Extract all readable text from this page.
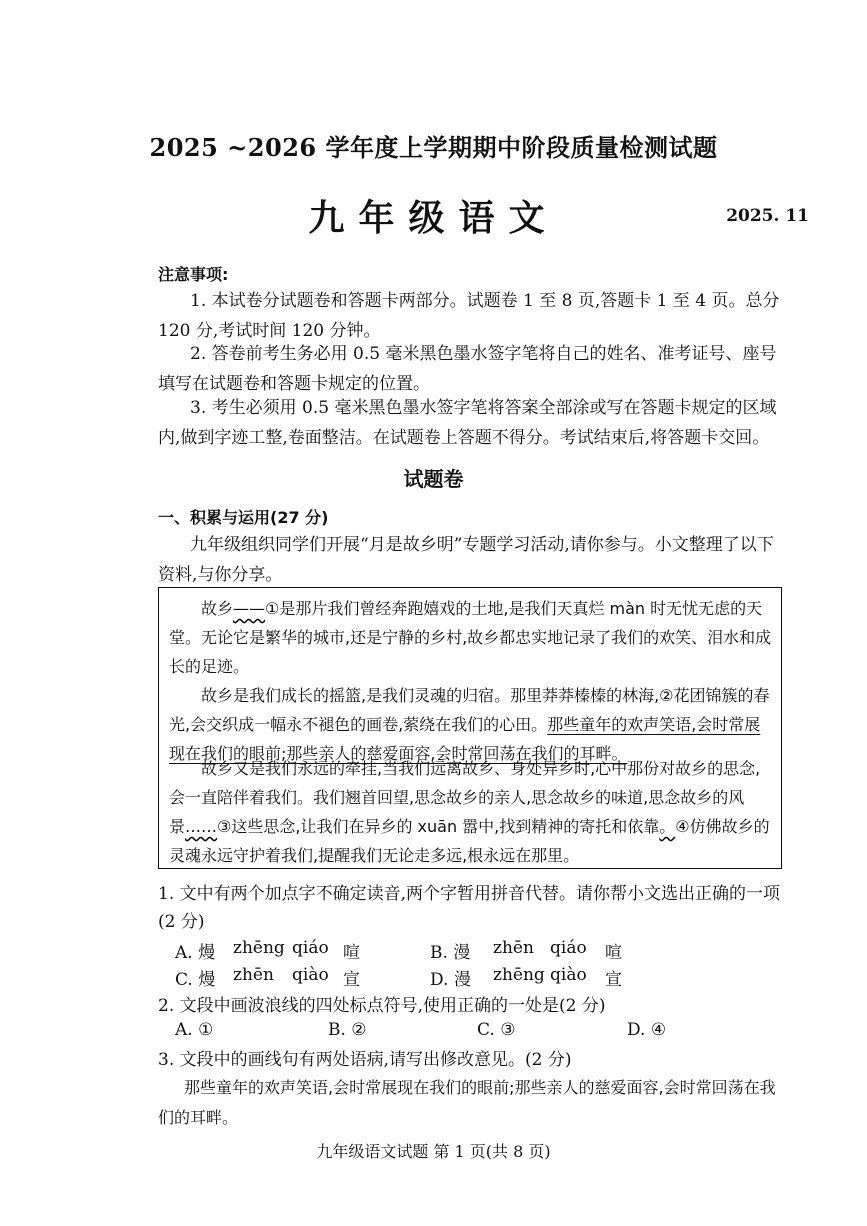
2025 ~2026 学年度上学期期中阶段质量检测试题
九年级语文	2025. 11
注意事项:
1. 本试卷分试题卷和答题卡两部分。试题卷 1 至 8 页,答题卡 1 至 4 页。总分 120 分,考试时间 120 分钟。
2. 答卷前考生务必用 0.5 毫米黑色墨水签字笔将自己的姓名、准考证号、座号填写在试题卷和答题卡规定的位置。
3. 考生必须用 0.5 毫米黑色墨水签字笔将答案全部涂或写在答题卡规定的区域内,做到字迹工整,卷面整洁。在试题卷上答题不得分。考试结束后,将答题卡交回。
试题卷
一、积累与运用(27 分)
九年级组织同学们开展“月是故乡明”专题学习活动,请你参与。小文整理了以下资料,与你分享。
故乡——①是那片我们曾经奔跑嬉戏的土地,是我们天真烂 màn 时无忧无虑的天堂。无论它是繁华的城市,还是宁静的乡村,故乡都忠实地记录了我们的欢笑、泪水和成长的足迹。
故乡是我们成长的摇篮,是我们灵魂的归宿。那里莽莽榛榛的林海,②花团锦簇的春光,会交织成一幅永不褪色的画卷,萦绕在我们的心田。那些童年的欢声笑语,会时常展现在我们的眼前;那些亲人的慈爱面容,会时常回荡在我们的耳畔。
故乡又是我们永远的牵挂,当我们远离故乡、身处异乡时,心中那份对故乡的思念,会一直陪伴着我们。我们翘首回望,思念故乡的亲人,思念故乡的味道,思念故乡的风景……③这些思念,让我们在异乡的 xuān 嚣中,找到精神的寄托和依靠。④仿佛故乡的灵魂永远守护着我们,提醒我们无论走多远,根永远在那里。
1. 文中有两个加点字不确定读音,两个字暂用拼音代替。请你帮小文选出正确的一项(2 分)
A. 熳 zhēng qiáo 喧	B. 漫 zhēn qiáo 喧
C. 熳 zhēn qiào 宣	D. 漫 zhēng qiào 宣
2. 文段中画波浪线的四处标点符号,使用正确的一处是(2 分)
A. ①	B. ②	C. ③	D. ④
3. 文段中的画线句有两处语病,请写出修改意见。(2 分)
那些童年的欢声笑语,会时常展现在我们的眼前;那些亲人的慈爱面容,会时常回荡在我们的耳畔。
九年级语文试题 第 1 页(共 8 页)
